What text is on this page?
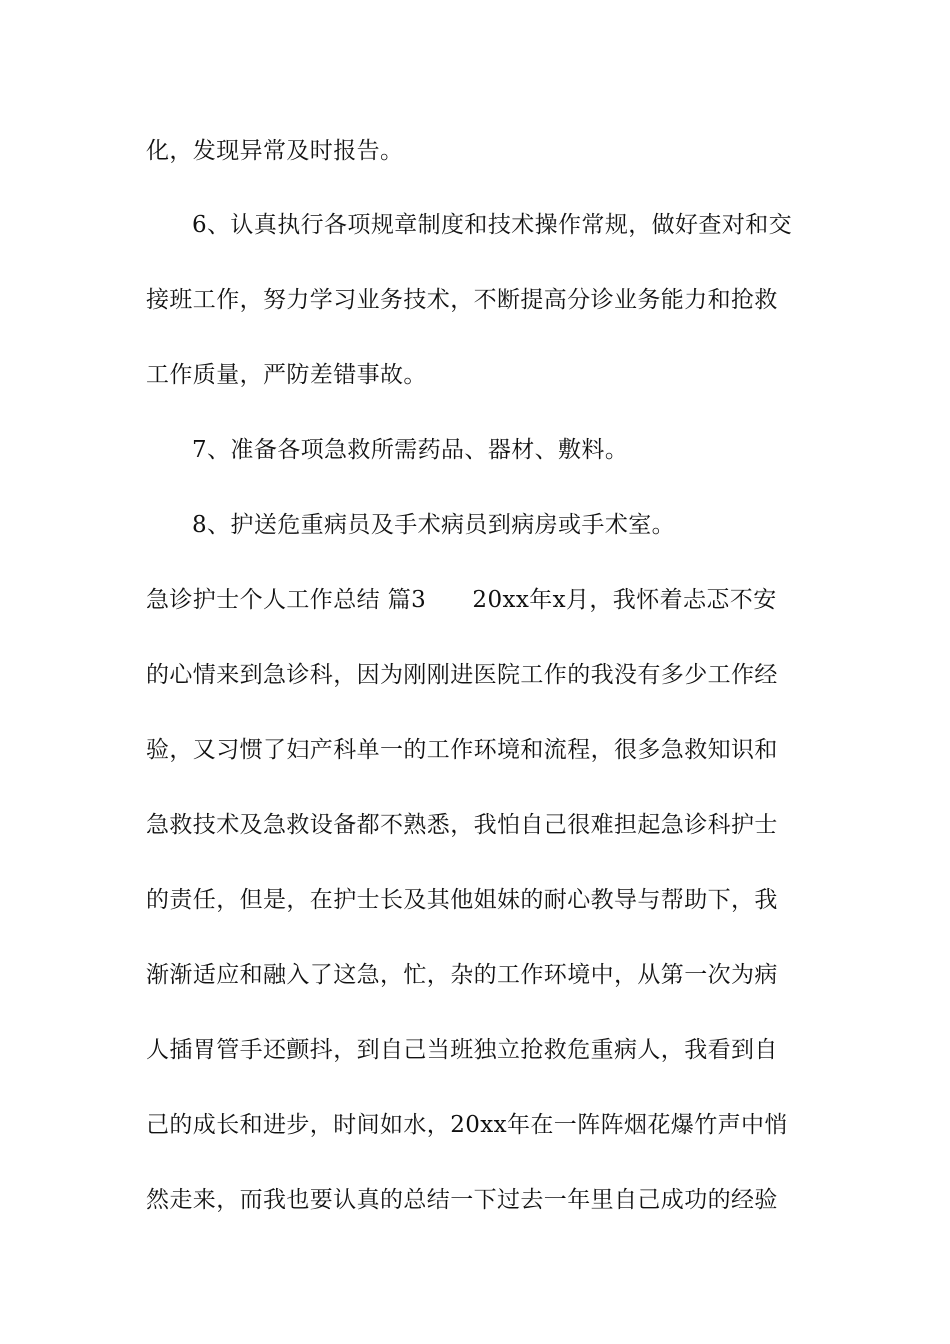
化，发现异常及时报告。
6、认真执行各项规章制度和技术操作常规，做好查对和交
接班工作，努力学习业务技术，不断提高分诊业务能力和抢救
工作质量，严防差错事故。
7、准备各项急救所需药品、器材、敷料。
8、护送危重病员及手术病员到病房或手术室。
急诊护士个人工作总结 篇3      20xx年x月，我怀着忐忑不安
的心情来到急诊科，因为刚刚进医院工作的我没有多少工作经
验，又习惯了妇产科单一的工作环境和流程，很多急救知识和
急救技术及急救设备都不熟悉，我怕自己很难担起急诊科护士
的责任，但是，在护士长及其他姐妹的耐心教导与帮助下，我
渐渐适应和融入了这急，忙，杂的工作环境中，从第一次为病
人插胃管手还颤抖，到自己当班独立抢救危重病人，我看到自
己的成长和进步，时间如水，20xx年在一阵阵烟花爆竹声中悄
然走来，而我也要认真的总结一下过去一年里自己成功的经验
